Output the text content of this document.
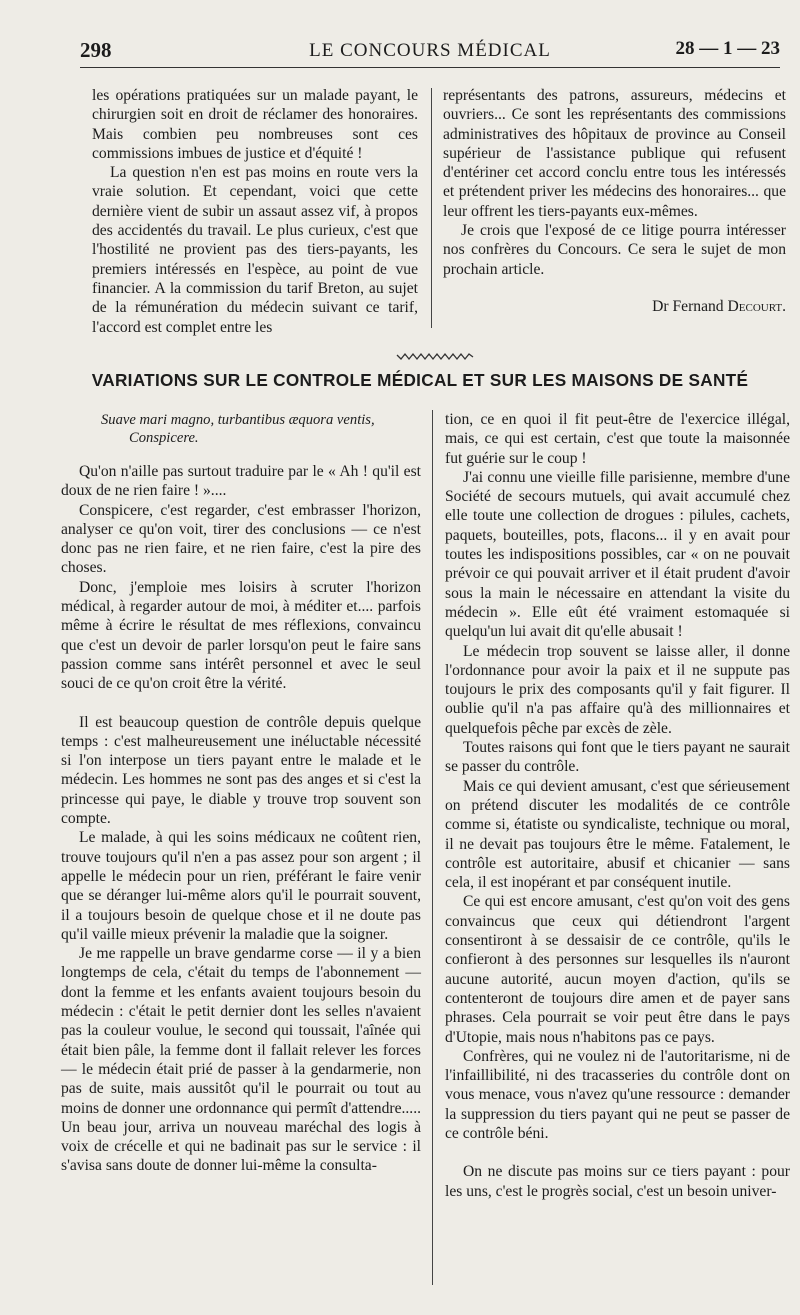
298	LE CONCOURS MÉDICAL	28 — 1 — 23

les opérations pratiquées sur un malade payant, le chirurgien soit en droit de réclamer des honoraires. Mais combien peu nombreuses sont ces commissions imbues de justice et d'équité !

La question n'en est pas moins en route vers la vraie solution. Et cependant, voici que cette dernière vient de subir un assaut assez vif, à propos des accidentés du travail. Le plus curieux, c'est que l'hostilité ne provient pas des tiers-payants, les premiers intéressés en l'espèce, au point de vue financier. A la commission du tarif Breton, au sujet de la rémunération du médecin suivant ce tarif, l'accord est complet entre les

représentants des patrons, assureurs, médecins et ouvriers... Ce sont les représentants des commissions administratives des hôpitaux de province au Conseil supérieur de l'assistance publique qui refusent d'entériner cet accord conclu entre tous les intéressés et prétendent priver les médecins des honoraires... que leur offrent les tiers-payants eux-mêmes.

Je crois que l'exposé de ce litige pourra intéresser nos confrères du Concours. Ce sera le sujet de mon prochain article.

Dr Fernand Decourt.
VARIATIONS SUR LE CONTROLE MÉDICAL ET SUR LES MAISONS DE SANTÉ
Suave mari magno, turbantibus æquora ventis,
Conspicere.

Qu'on n'aille pas surtout traduire par le « Ah ! qu'il est doux de ne rien faire ! »....

Conspicere, c'est regarder, c'est embrasser l'horizon, analyser ce qu'on voit, tirer des conclusions — ce n'est donc pas ne rien faire, et ne rien faire, c'est la pire des choses.

Donc, j'emploie mes loisirs à scruter l'horizon médical, à regarder autour de moi, à méditer et.... parfois même à écrire le résultat de mes réflexions, convaincu que c'est un devoir de parler lorsqu'on peut le faire sans passion comme sans intérêt personnel et avec le seul souci de ce qu'on croit être la vérité.

Il est beaucoup question de contrôle depuis quelque temps : c'est malheureusement une inéluctable nécessité si l'on interpose un tiers payant entre le malade et le médecin. Les hommes ne sont pas des anges et si c'est la princesse qui paye, le diable y trouve trop souvent son compte.

Le malade, à qui les soins médicaux ne coûtent rien, trouve toujours qu'il n'en a pas assez pour son argent ; il appelle le médecin pour un rien, préférant le faire venir que se déranger lui-même alors qu'il le pourrait souvent, il a toujours besoin de quelque chose et il ne doute pas qu'il vaille mieux prévenir la maladie que la soigner.

Je me rappelle un brave gendarme corse — il y a bien longtemps de cela, c'était du temps de l'abonnement — dont la femme et les enfants avaient toujours besoin du médecin : c'était le petit dernier dont les selles n'avaient pas la couleur voulue, le second qui toussait, l'aînée qui était bien pâle, la femme dont il fallait relever les forces — le médecin était prié de passer à la gendarmerie, non pas de suite, mais aussitôt qu'il le pourrait ou tout au moins de donner une ordonnance qui permît d'attendre..... Un beau jour, arriva un nouveau maréchal des logis à voix de crécelle et qui ne badinait pas sur le service : il s'avisa sans doute de donner lui-même la consulta-

tion, ce en quoi il fit peut-être de l'exercice illégal, mais, ce qui est certain, c'est que toute la maisonnée fut guérie sur le coup !

J'ai connu une vieille fille parisienne, membre d'une Société de secours mutuels, qui avait accumulé chez elle toute une collection de drogues : pilules, cachets, paquets, bouteilles, pots, flacons... il y en avait pour toutes les indispositions possibles, car « on ne pouvait prévoir ce qui pouvait arriver et il était prudent d'avoir sous la main le nécessaire en attendant la visite du médecin ». Elle eût été vraiment estomaquée si quelqu'un lui avait dit qu'elle abusait !

Le médecin trop souvent se laisse aller, il donne l'ordonnance pour avoir la paix et il ne suppute pas toujours le prix des composants qu'il y fait figurer. Il oublie qu'il n'a pas affaire qu'à des millionnaires et quelquefois pêche par excès de zèle.

Toutes raisons qui font que le tiers payant ne saurait se passer du contrôle.

Mais ce qui devient amusant, c'est que sérieusement on prétend discuter les modalités de ce contrôle comme si, étatiste ou syndicaliste, technique ou moral, il ne devait pas toujours être le même. Fatalement, le contrôle est autoritaire, abusif et chicanier — sans cela, il est inopérant et par conséquent inutile.

Ce qui est encore amusant, c'est qu'on voit des gens convaincus que ceux qui détiendront l'argent consentiront à se dessaisir de ce contrôle, qu'ils le confieront à des personnes sur lesquelles ils n'auront aucune autorité, aucun moyen d'action, qu'ils se contenteront de toujours dire amen et de payer sans phrases. Cela pourrait se voir peut être dans le pays d'Utopie, mais nous n'habitons pas ce pays.

Confrères, qui ne voulez ni de l'autoritarisme, ni de l'infaillibilité, ni des tracasseries du contrôle dont on vous menace, vous n'avez qu'une ressource : demander la suppression du tiers payant qui ne peut se passer de ce contrôle béni.

On ne discute pas moins sur ce tiers payant : pour les uns, c'est le progrès social, c'est un besoin univer-
